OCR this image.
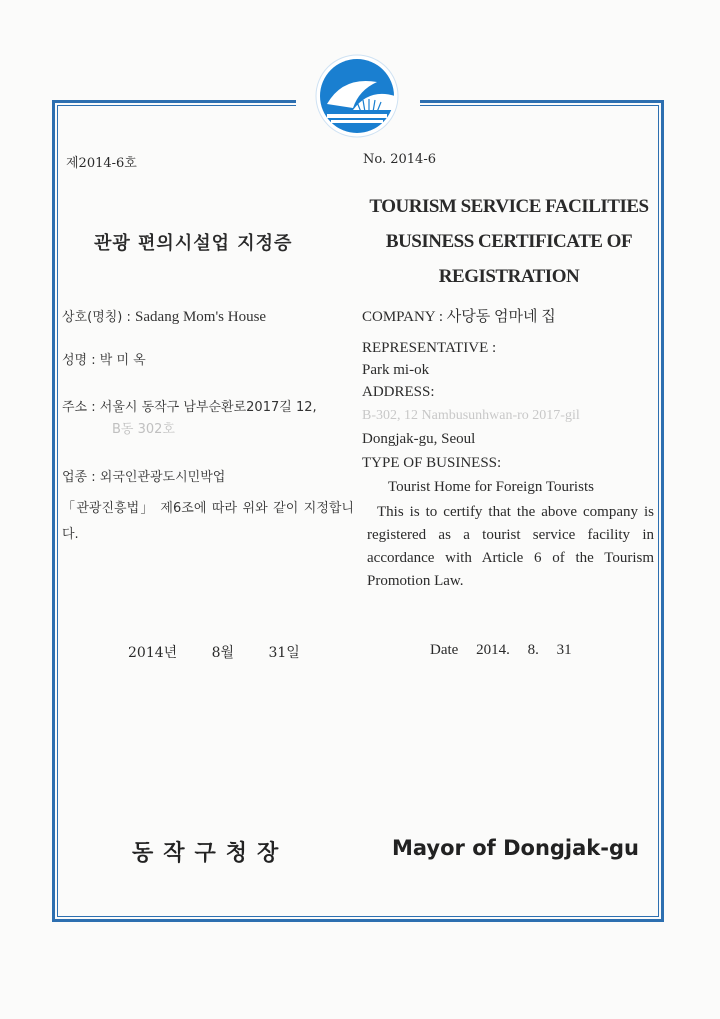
제2014-6호	No. 2014-6
관광 편의시설업 지정증
TOURISM SERVICE FACILITIES BUSINESS CERTIFICATE OF REGISTRATION
상호(명칭) : Sadang Mom's House	COMPANY : 사당동 엄마네 집
성명 : 박 미 옥
REPRESENTATIVE :
Park mi-ok
주소 : 서울시 동작구 남부순환로2017길 12,
B동 302호
ADDRESS:
B-302, 12 Nambusunhwan-ro 2017-gil
Dongjak-gu, Seoul
업종 : 외국인관광도시민박업
TYPE OF BUSINESS:
Tourist Home for Foreign Tourists
「관광진흥법」 제6조에 따라 위와 같이 지정합니다.
This is to certify that the above company is registered as a tourist service facility in accordance with Article 6 of the Tourism Promotion Law.
2014년 8월 31일	Date 2014. 8. 31
동작구청장	Mayor of Dongjak-gu
